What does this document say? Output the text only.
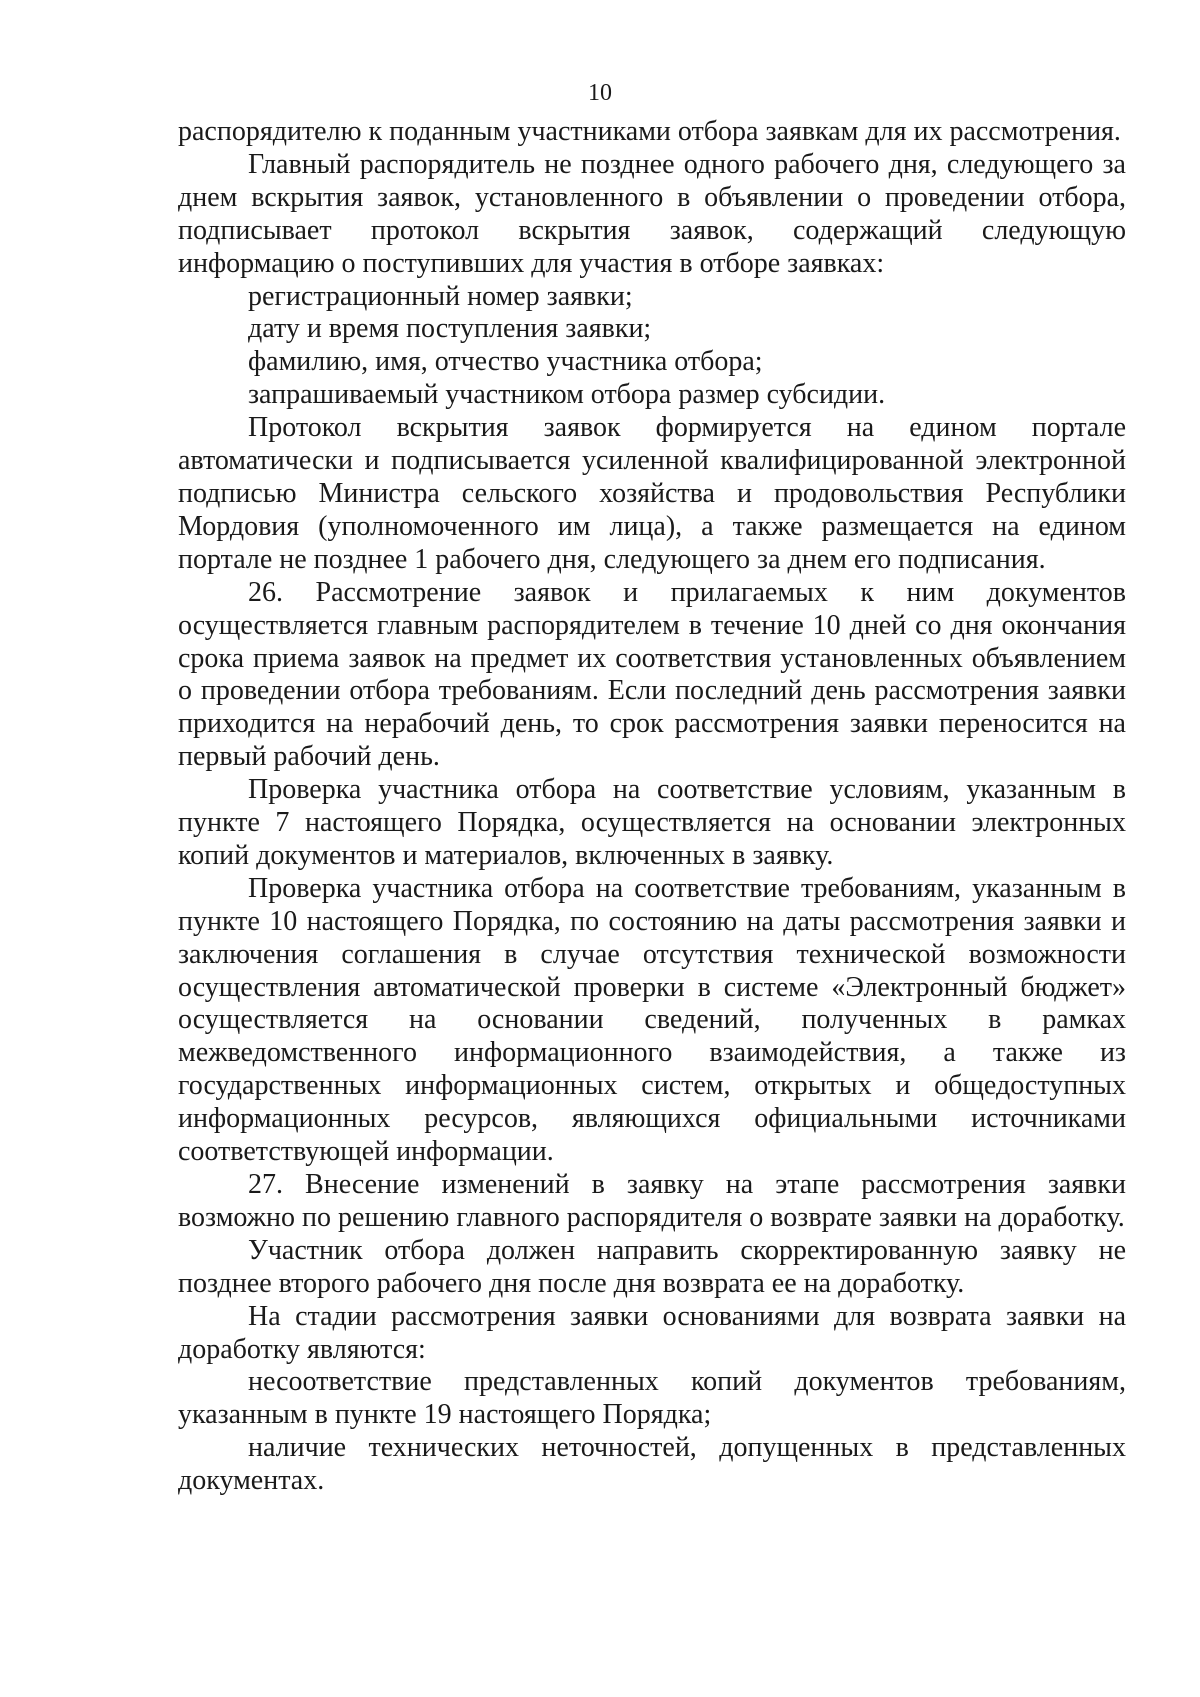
10

распорядителю к поданным участниками отбора заявкам для их рассмотрения.

Главный распорядитель не позднее одного рабочего дня, следующего за днем вскрытия заявок, установленного в объявлении о проведении отбора, подписывает протокол вскрытия заявок, содержащий следующую информацию о поступивших для участия в отборе заявках:

регистрационный номер заявки;

дату и время поступления заявки;

фамилию, имя, отчество участника отбора;

запрашиваемый участником отбора размер субсидии.

Протокол вскрытия заявок формируется на едином портале автоматически и подписывается усиленной квалифицированной электронной подписью Министра сельского хозяйства и продовольствия Республики Мордовия (уполномоченного им лица), а также размещается на едином портале не позднее 1 рабочего дня, следующего за днем его подписания.

26. Рассмотрение заявок и прилагаемых к ним документов осуществляется главным распорядителем в течение 10 дней со дня окончания срока приема заявок на предмет их соответствия установленных объявлением о проведении отбора требованиям. Если последний день рассмотрения заявки приходится на нерабочий день, то срок рассмотрения заявки переносится на первый рабочий день.

Проверка участника отбора на соответствие условиям, указанным в пункте 7 настоящего Порядка, осуществляется на основании электронных копий документов и материалов, включенных в заявку.

Проверка участника отбора на соответствие требованиям, указанным в пункте 10 настоящего Порядка, по состоянию на даты рассмотрения заявки и заключения соглашения в случае отсутствия технической возможности осуществления автоматической проверки в системе «Электронный бюджет» осуществляется на основании сведений, полученных в рамках межведомственного информационного взаимодействия, а также из государственных информационных систем, открытых и общедоступных информационных ресурсов, являющихся официальными источниками соответствующей информации.

27. Внесение изменений в заявку на этапе рассмотрения заявки возможно по решению главного распорядителя о возврате заявки на доработку.

Участник отбора должен направить скорректированную заявку не позднее второго рабочего дня после дня возврата ее на доработку.

На стадии рассмотрения заявки основаниями для возврата заявки на доработку являются:

несоответствие представленных копий документов требованиям, указанным в пункте 19 настоящего Порядка;

наличие технических неточностей, допущенных в представленных документах.
